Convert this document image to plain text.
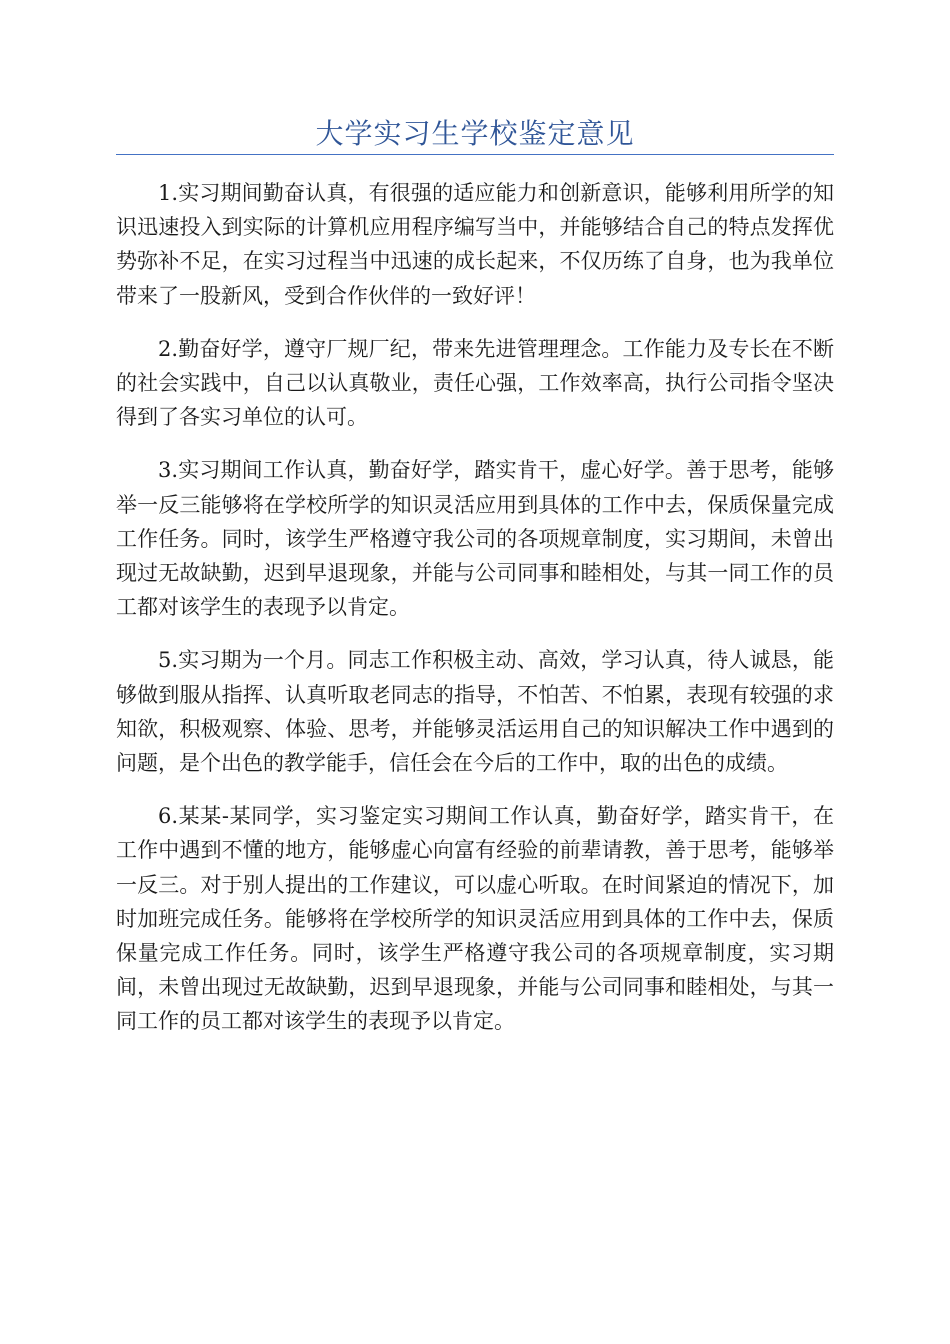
大学实习生学校鉴定意见

1.实习期间勤奋认真，有很强的适应能力和创新意识，能够利用所学的知识迅速投入到实际的计算机应用程序编写当中，并能够结合自己的特点发挥优势弥补不足，在实习过程当中迅速的成长起来，不仅历练了自身，也为我单位带来了一股新风，受到合作伙伴的一致好评！

2.勤奋好学，遵守厂规厂纪，带来先进管理理念。工作能力及专长在不断的社会实践中，自己以认真敬业，责任心强，工作效率高，执行公司指令坚决得到了各实习单位的认可。

3.实习期间工作认真，勤奋好学，踏实肯干，虚心好学。善于思考，能够举一反三能够将在学校所学的知识灵活应用到具体的工作中去，保质保量完成工作任务。同时，该学生严格遵守我公司的各项规章制度，实习期间，未曾出现过无故缺勤，迟到早退现象，并能与公司同事和睦相处，与其一同工作的员工都对该学生的表现予以肯定。

5.实习期为一个月。同志工作积极主动、高效，学习认真，待人诚恳，能够做到服从指挥、认真听取老同志的指导，不怕苦、不怕累，表现有较强的求知欲，积极观察、体验、思考，并能够灵活运用自己的知识解决工作中遇到的问题，是个出色的教学能手，信任会在今后的工作中，取的出色的成绩。

6.某某-某同学，实习鉴定实习期间工作认真，勤奋好学，踏实肯干，在工作中遇到不懂的地方，能够虚心向富有经验的前辈请教，善于思考，能够举一反三。对于别人提出的工作建议，可以虚心听取。在时间紧迫的情况下，加时加班完成任务。能够将在学校所学的知识灵活应用到具体的工作中去，保质保量完成工作任务。同时，该学生严格遵守我公司的各项规章制度，实习期间，未曾出现过无故缺勤，迟到早退现象，并能与公司同事和睦相处，与其一同工作的员工都对该学生的表现予以肯定。
